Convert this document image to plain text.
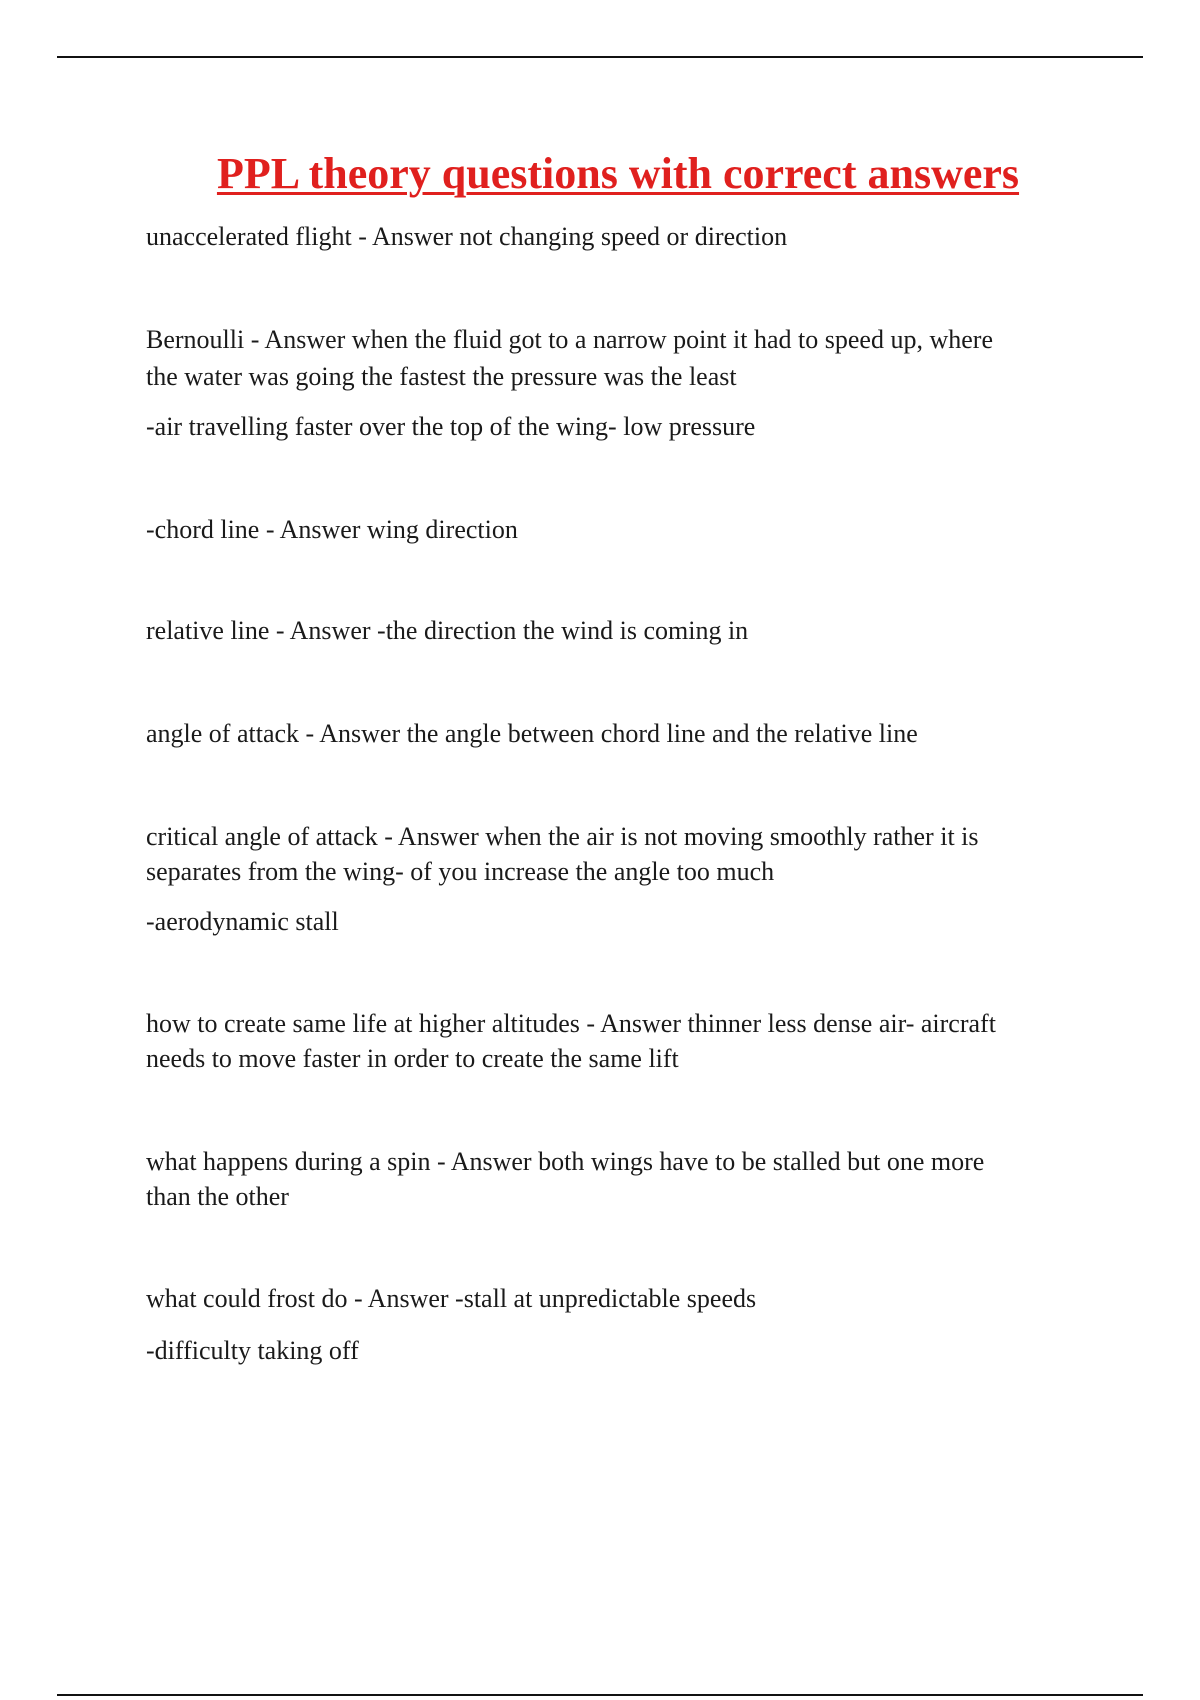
PPL theory questions with correct answers
unaccelerated flight - Answer not changing speed or direction
Bernoulli - Answer when the fluid got to a narrow point it had to speed up, where
the water was going the fastest the pressure was the least
-air travelling faster over the top of the wing- low pressure
-chord line - Answer wing direction
relative line - Answer -the direction the wind is coming in
angle of attack - Answer the angle between chord line and the relative line
critical angle of attack - Answer when the air is not moving smoothly rather it is
separates from the wing- of you increase the angle too much
-aerodynamic stall
how to create same life at higher altitudes - Answer thinner less dense air- aircraft
needs to move faster in order to create the same lift
what happens during a spin - Answer both wings have to be stalled but one more
than the other
what could frost do - Answer -stall at unpredictable speeds
-difficulty taking off
